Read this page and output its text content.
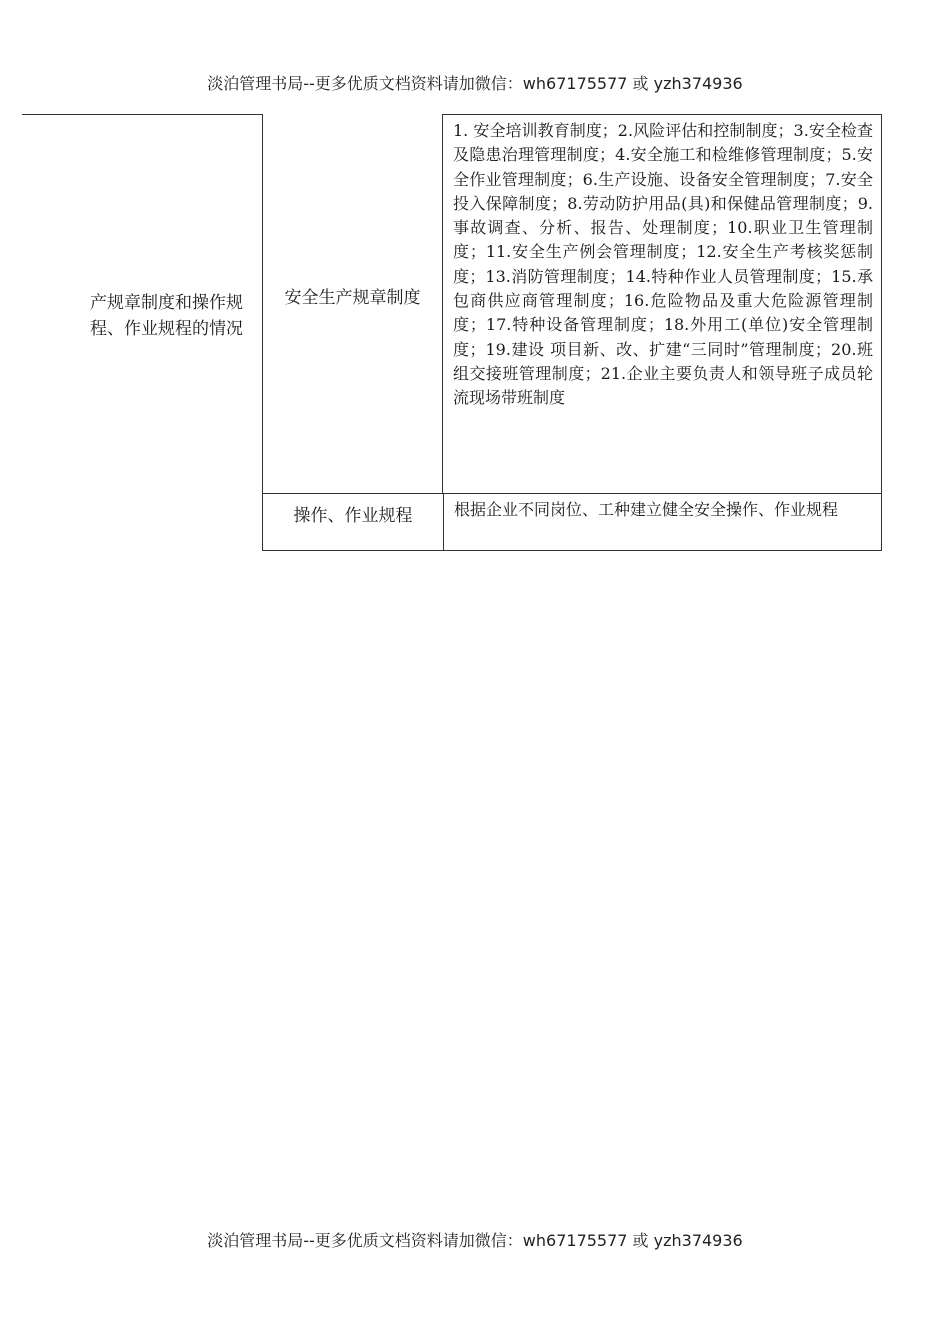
淡泊管理书局--更多优质文档资料请加微信：wh67175577 或 yzh374936
产规章制度和操作规程、作业规程的情况
安全生产规章制度
1. 安全培训教育制度；2.风险评估和控制制度；3.安全检查及隐患治理管理制度；4.安全施工和检维修管理制度；5.安全作业管理制度；6.生产设施、设备安全管理制度；7.安全投入保障制度；8.劳动防护用品(具)和保健品管理制度；9.事故调查、分析、报告、处理制度；10.职业卫生管理制度；11.安全生产例会管理制度；12.安全生产考核奖惩制度；13.消防管理制度；14.特种作业人员管理制度；15.承包商供应商管理制度；16.危险物品及重大危险源管理制度；17.特种设备管理制度；18.外用工(单位)安全管理制度；19.建设 项目新、改、扩建“三同时”管理制度；20.班组交接班管理制度；21.企业主要负责人和领导班子成员轮流现场带班制度
操作、作业规程	根据企业不同岗位、工种建立健全安全操作、作业规程
淡泊管理书局--更多优质文档资料请加微信：wh67175577 或 yzh374936
